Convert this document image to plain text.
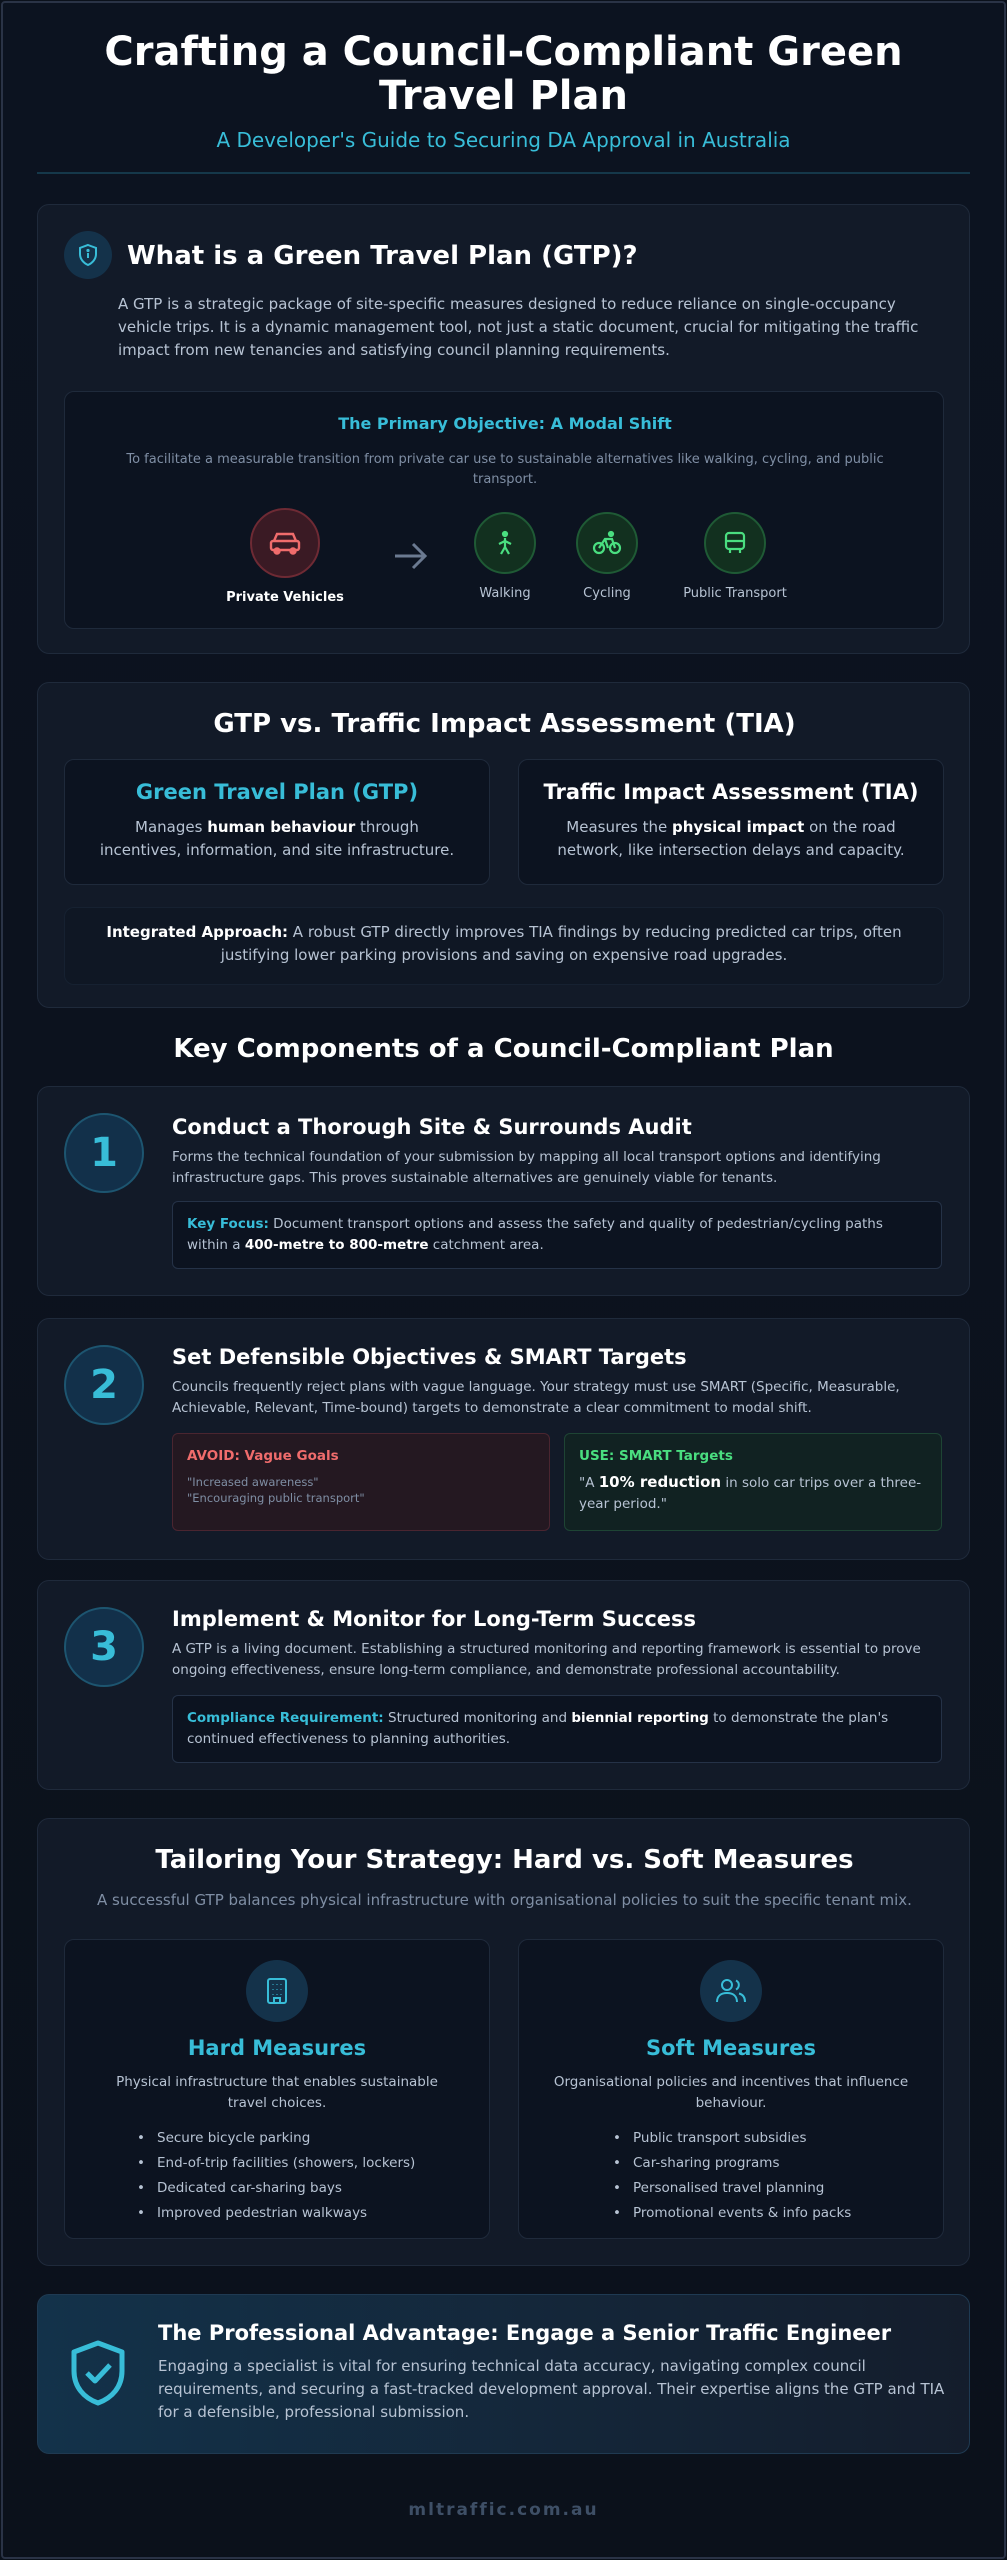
Crafting a Council-Compliant Green Travel Plan
A Developer's Guide to Securing DA Approval in Australia
What is a Green Travel Plan (GTP)?
A GTP is a strategic package of site-specific measures designed to reduce reliance on single-occupancy vehicle trips. It is a dynamic management tool, not just a static document, crucial for mitigating the traffic impact from new tenancies and satisfying council planning requirements.
The Primary Objective: A Modal Shift
To facilitate a measurable transition from private car use to sustainable alternatives like walking, cycling, and public transport.
Private Vehicles	Walking	Cycling	Public Transport
GTP vs. Traffic Impact Assessment (TIA)
Green Travel Plan (GTP)
Manages human behaviour through incentives, information, and site infrastructure.
Traffic Impact Assessment (TIA)
Measures the physical impact on the road network, like intersection delays and capacity.
Integrated Approach: A robust GTP directly improves TIA findings by reducing predicted car trips, often justifying lower parking provisions and saving on expensive road upgrades.
Key Components of a Council-Compliant Plan
1
Conduct a Thorough Site & Surrounds Audit
Forms the technical foundation of your submission by mapping all local transport options and identifying infrastructure gaps. This proves sustainable alternatives are genuinely viable for tenants.
Key Focus: Document transport options and assess the safety and quality of pedestrian/cycling paths within a 400-metre to 800-metre catchment area.
2
Set Defensible Objectives & SMART Targets
Councils frequently reject plans with vague language. Your strategy must use SMART (Specific, Measurable, Achievable, Relevant, Time-bound) targets to demonstrate a clear commitment to modal shift.
AVOID: Vague Goals
"Increased awareness"
"Encouraging public transport"
USE: SMART Targets
"A 10% reduction in solo car trips over a three-year period."
3
Implement & Monitor for Long-Term Success
A GTP is a living document. Establishing a structured monitoring and reporting framework is essential to prove ongoing effectiveness, ensure long-term compliance, and demonstrate professional accountability.
Compliance Requirement: Structured monitoring and biennial reporting to demonstrate the plan's continued effectiveness to planning authorities.
Tailoring Your Strategy: Hard vs. Soft Measures
A successful GTP balances physical infrastructure with organisational policies to suit the specific tenant mix.
Hard Measures
Physical infrastructure that enables sustainable travel choices.
• Secure bicycle parking
• End-of-trip facilities (showers, lockers)
• Dedicated car-sharing bays
• Improved pedestrian walkways
Soft Measures
Organisational policies and incentives that influence behaviour.
• Public transport subsidies
• Car-sharing programs
• Personalised travel planning
• Promotional events & info packs
The Professional Advantage: Engage a Senior Traffic Engineer
Engaging a specialist is vital for ensuring technical data accuracy, navigating complex council requirements, and securing a fast-tracked development approval. Their expertise aligns the GTP and TIA for a defensible, professional submission.
mltraffic.com.au
